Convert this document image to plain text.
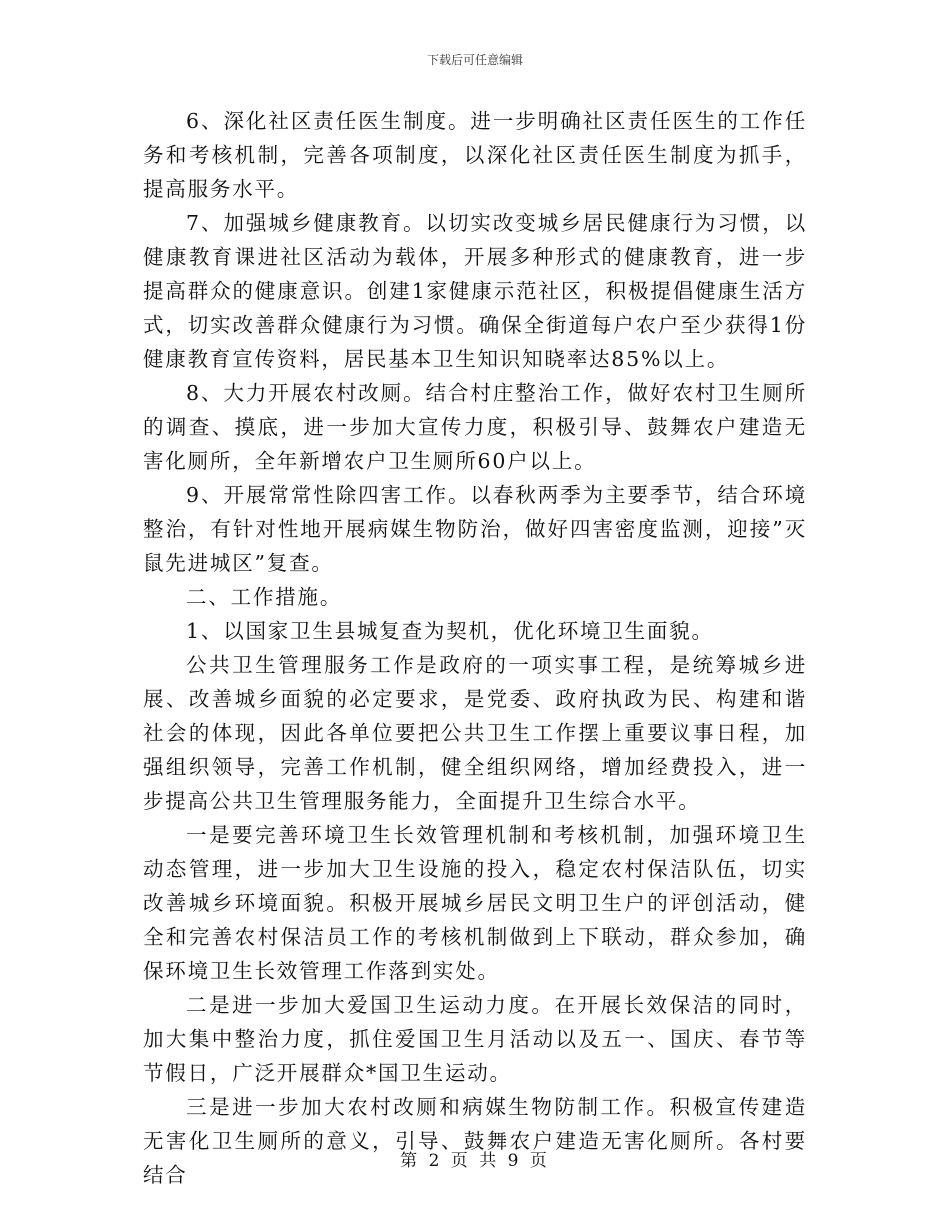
下载后可任意编辑

6、深化社区责任医生制度。进一步明确社区责任医生的工作任务和考核机制，完善各项制度，以深化社区责任医生制度为抓手，提高服务水平。

7、加强城乡健康教育。以切实改变城乡居民健康行为习惯，以健康教育课进社区活动为载体，开展多种形式的健康教育，进一步提高群众的健康意识。创建1家健康示范社区，积极提倡健康生活方式，切实改善群众健康行为习惯。确保全街道每户农户至少获得1份健康教育宣传资料，居民基本卫生知识知晓率达85%以上。

8、大力开展农村改厕。结合村庄整治工作，做好农村卫生厕所的调查、摸底，进一步加大宣传力度，积极引导、鼓舞农户建造无害化厕所，全年新增农户卫生厕所60户以上。

9、开展常常性除四害工作。以春秋两季为主要季节，结合环境整治，有针对性地开展病媒生物防治，做好四害密度监测，迎接”灭鼠先进城区”复查。

二、工作措施。

1、以国家卫生县城复查为契机，优化环境卫生面貌。

公共卫生管理服务工作是政府的一项实事工程，是统筹城乡进展、改善城乡面貌的必定要求，是党委、政府执政为民、构建和谐社会的体现，因此各单位要把公共卫生工作摆上重要议事日程，加强组织领导，完善工作机制，健全组织网络，增加经费投入，进一步提高公共卫生管理服务能力，全面提升卫生综合水平。

一是要完善环境卫生长效管理机制和考核机制，加强环境卫生动态管理，进一步加大卫生设施的投入，稳定农村保洁队伍，切实改善城乡环境面貌。积极开展城乡居民文明卫生户的评创活动，健全和完善农村保洁员工作的考核机制做到上下联动，群众参加，确保环境卫生长效管理工作落到实处。

二是进一步加大爱国卫生运动力度。在开展长效保洁的同时，加大集中整治力度，抓住爱国卫生月活动以及五一、国庆、春节等节假日，广泛开展群众*国卫生运动。

三是进一步加大农村改厕和病媒生物防制工作。积极宣传建造无害化卫生厕所的意义，引导、鼓舞农户建造无害化厕所。各村要结合

第 2 页 共 9 页
